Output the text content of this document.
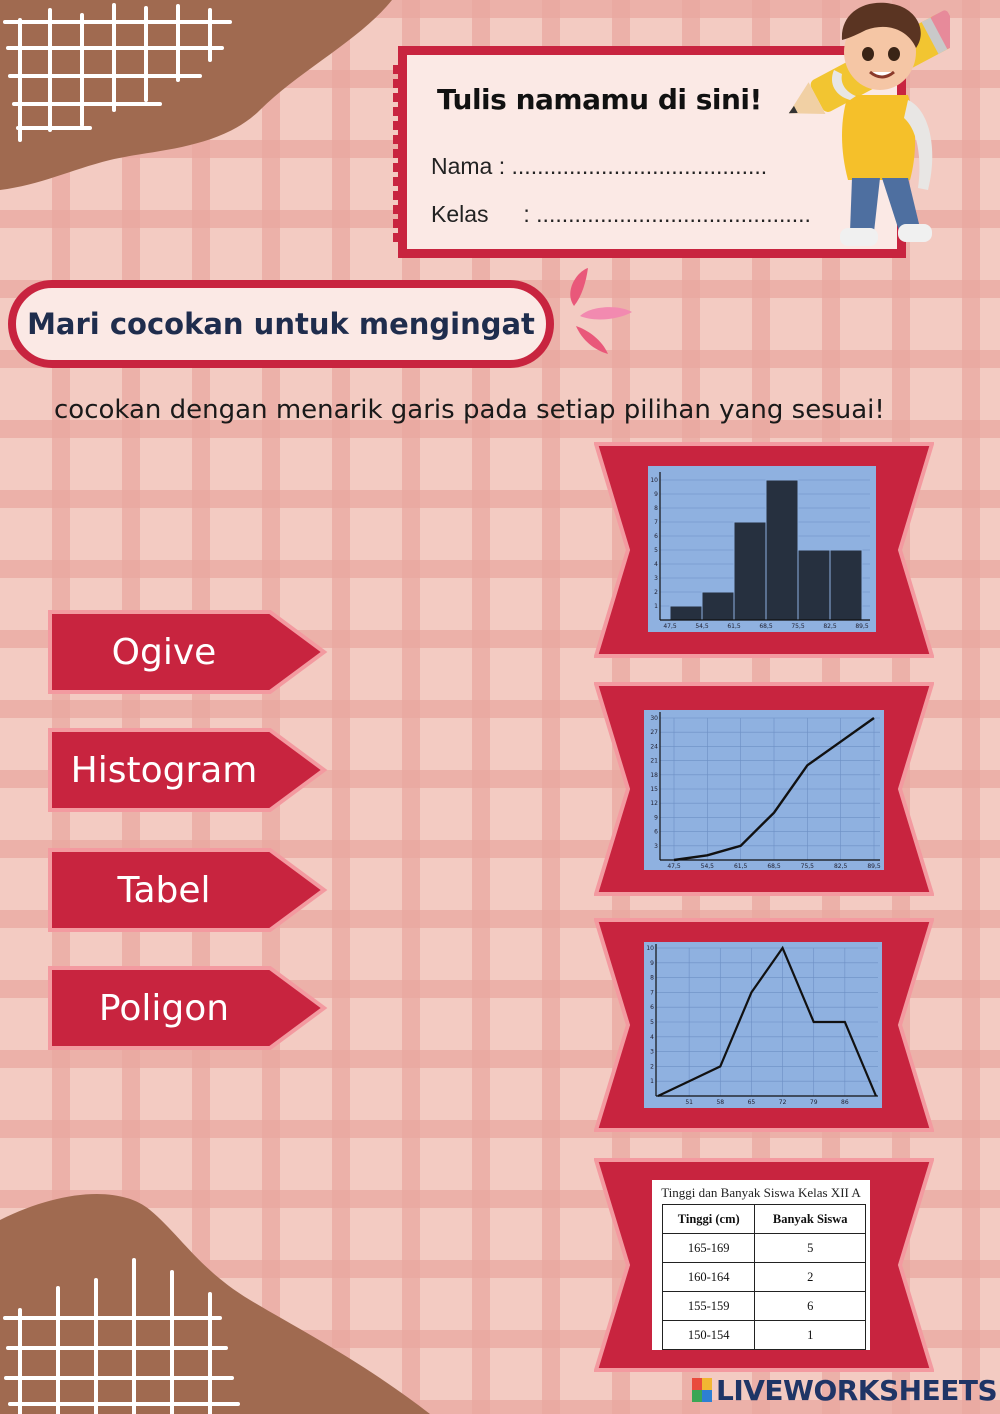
Tulis namamu di sini!
Nama : ........................................
Kelas : ...........................................
Mari cocokan untuk mengingat
cocokan dengan menarik garis pada setiap pilihan yang sesuai!
Ogive
Histogram
Tabel
Poligon
47,5	54,5	61,5	68,5	75,5	82,5	89,5
1
2
3
4
5
6
7
8
9
10
47,5	54,5	61,5	68,5	75,5	82,5	89,5
3
6
9
12
15
18
21
24
27
30
51	58	65	72	79	86
1
2
3
4
5
6
7
8
9
10
Tinggi dan Banyak Siswa Kelas XII A
Tinggi (cm)	Banyak Siswa
165-169	5
160-164	2
155-159	6
150-154	1
LIVEWORKSHEETS
